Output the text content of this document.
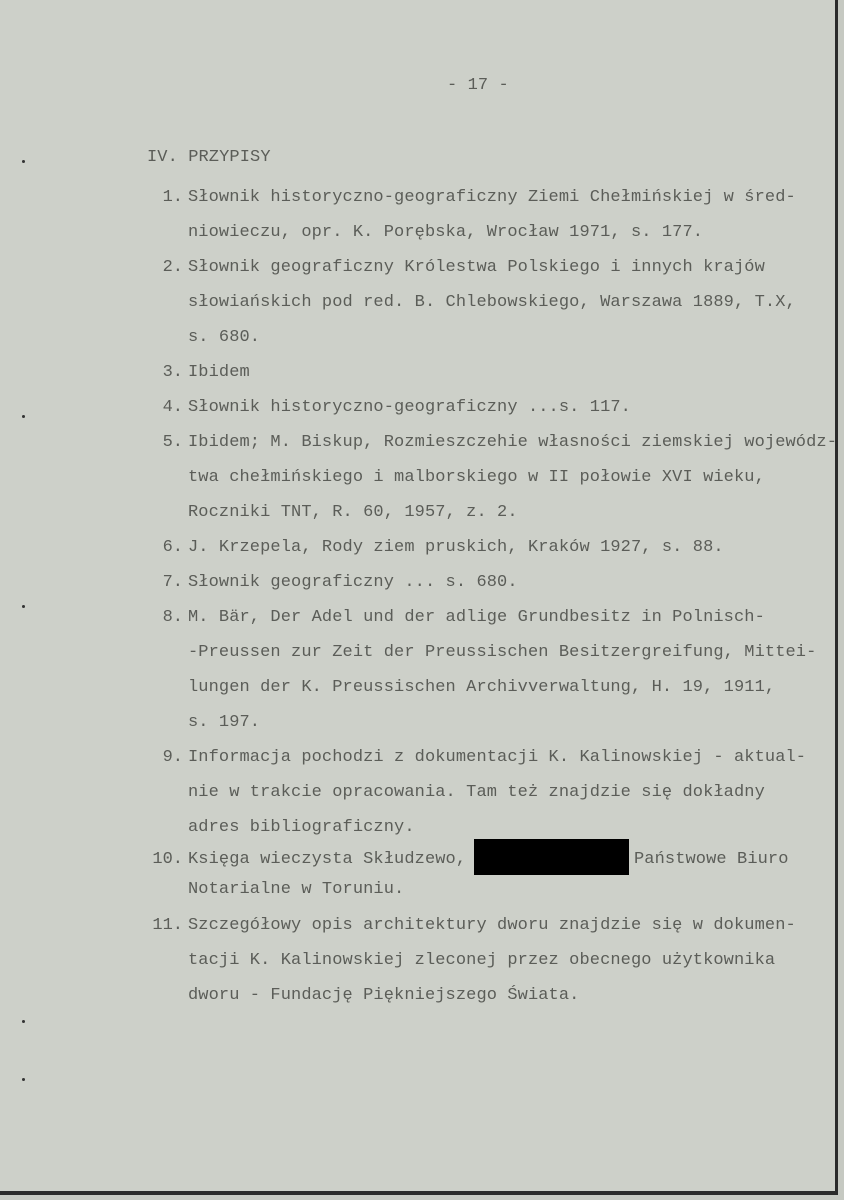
- 17 -
IV. PRZYPISY
1. Słownik historyczno-geograficzny Ziemi Chełmińskiej w śred-
niowieczu, opr. K. Porębska, Wrocław 1971, s. 177.
2. Słownik geograficzny Królestwa Polskiego i innych krajów
słowiańskich pod red. B. Chlebowskiego, Warszawa 1889, T.X,
s. 680.
3. Ibidem
4. Słownik historyczno-geograficzny ...s. 117.
5. Ibidem; M. Biskup, Rozmieszczehie własności ziemskiej wojewódz-
twa chełmińskiego i malborskiego w II połowie XVI wieku,
Roczniki TNT, R. 60, 1957, z. 2.
6. J. Krzepela, Rody ziem pruskich, Kraków 1927, s. 88.
7. Słownik geograficzny ... s. 680.
8. M. Bär, Der Adel und der adlige Grundbesitz in Polnisch-
-Preussen zur Zeit der Preussischen Besitzergreifung, Mittei-
lungen der K. Preussischen Archivverwaltung, H. 19, 1911,
s. 197.
9. Informacja pochodzi z dokumentacji K. Kalinowskiej - aktual-
nie w trakcie opracowania. Tam też znajdzie się dokładny
adres bibliograficzny.
10. Księga wieczysta Skłudzewo,	Państwowe Biuro
Notarialne w Toruniu.
11. Szczegółowy opis architektury dworu znajdzie się w dokumen-
tacji K. Kalinowskiej zleconej przez obecnego użytkownika
dworu - Fundację Piękniejszego Świata.
